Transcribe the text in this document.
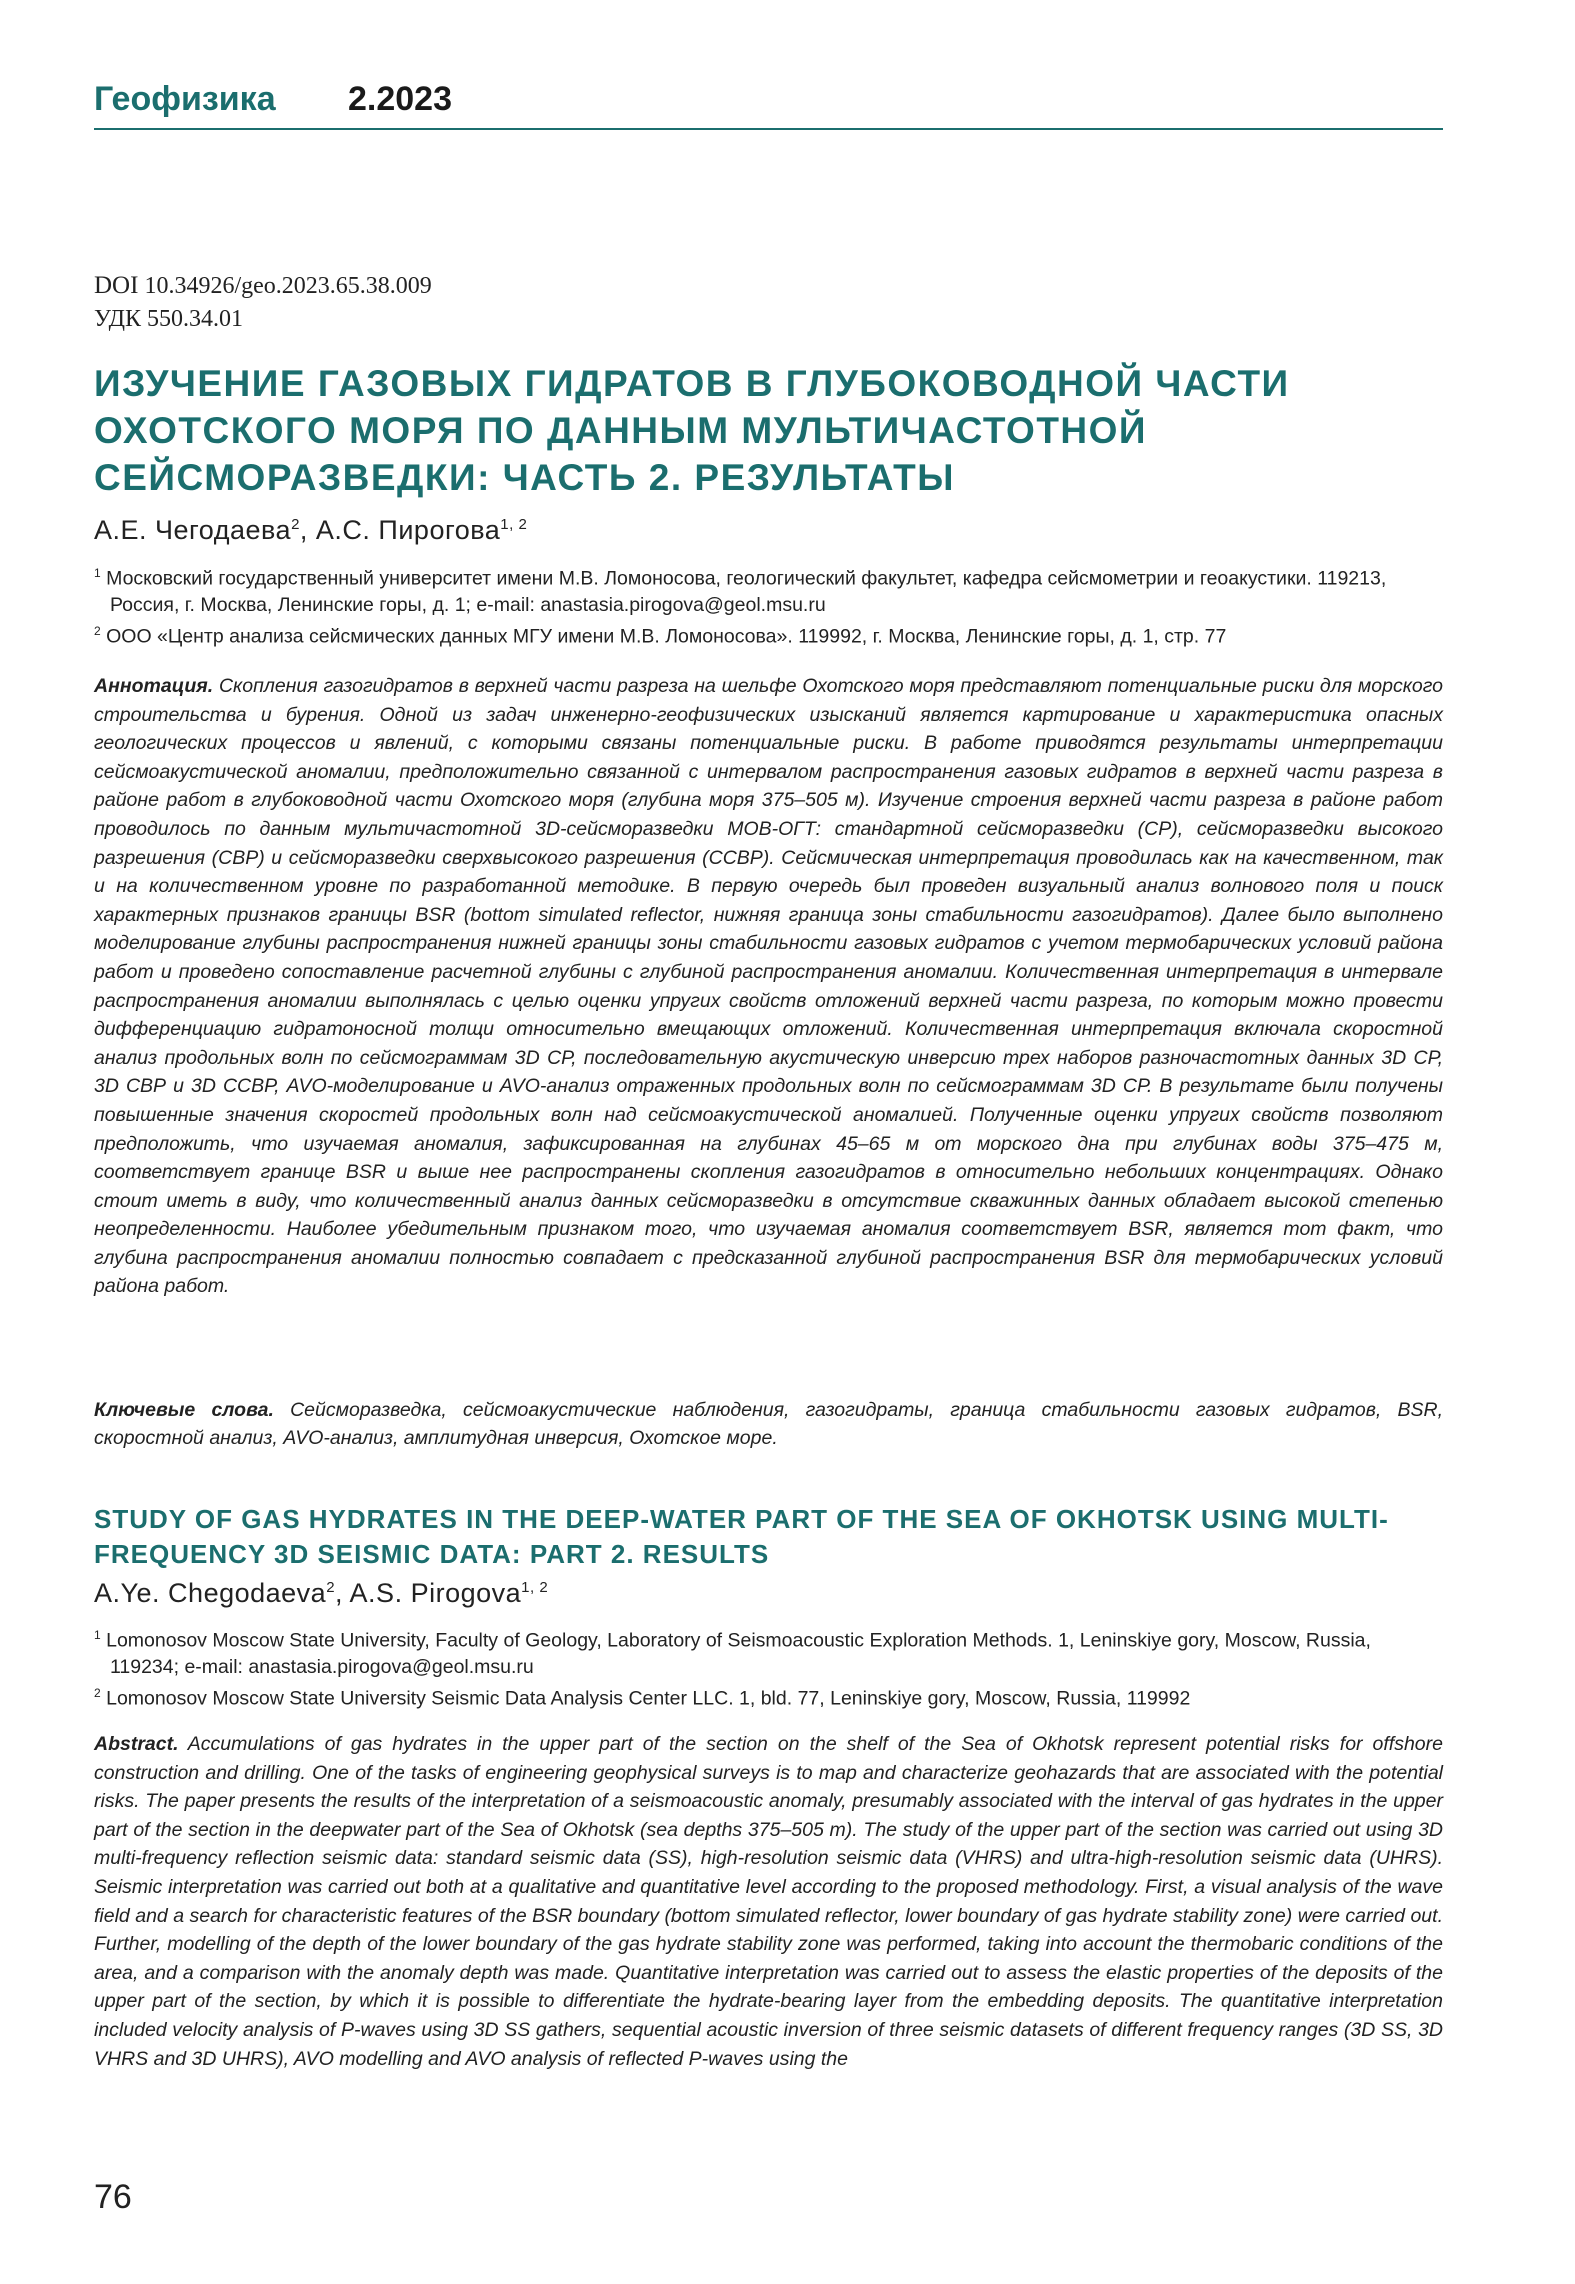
Геофизика 2.2023
DOI 10.34926/geo.2023.65.38.009
УДК 550.34.01
ИЗУЧЕНИЕ ГАЗОВЫХ ГИДРАТОВ В ГЛУБОКОВОДНОЙ ЧАСТИ ОХОТСКОГО МОРЯ ПО ДАННЫМ МУЛЬТИЧАСТОТНОЙ СЕЙСМОРАЗВЕДКИ: ЧАСТЬ 2. РЕЗУЛЬТАТЫ
А.Е. Чегодаева$^2$, А.С. Пирогова$^{1, 2}$

$^1$ Московский государственный университет имени М.В. Ломоносова, геологический факультет, кафедра сейсмометрии и геоакустики. 119213, Россия, г. Москва, Ленинские горы, д. 1; e-mail: anastasia.pirogova@geol.msu.ru

$^2$ ООО «Центр анализа сейсмических данных МГУ имени М.В. Ломоносова». 119992, г. Москва, Ленинские горы, д. 1, стр. 77

Аннотация. Скопления газогидратов в верхней части разреза на шельфе Охотского моря представляют потенциальные риски для морского строительства и бурения. Одной из задач инженерно-геофизических изысканий является картирование и характеристика опасных геологических процессов и явлений, с которыми связаны потенциальные риски. В работе приводятся результаты интерпретации сейсмоакустической аномалии, предположительно связанной с интервалом распространения газовых гидратов в верхней части разреза в районе работ в глубоководной части Охотского моря (глубина моря 375–505 м). Изучение строения верхней части разреза в районе работ проводилось по данным мультичастотной 3D-сейсморазведки МОВ-ОГТ: стандартной сейсморазведки (СР), сейсморазведки высокого разрешения (СВР) и сейсморазведки сверхвысокого разрешения (ССВР). Сейсмическая интерпретация проводилась как на качественном, так и на количественном уровне по разработанной методике. В первую очередь был проведен визуальный анализ волнового поля и поиск характерных признаков границы BSR (bottom simulated reflector, нижняя граница зоны стабильности газогидратов). Далее было выполнено моделирование глубины распространения нижней границы зоны стабильности газовых гидратов с учетом термобарических условий района работ и проведено сопоставление расчетной глубины с глубиной распространения аномалии. Количественная интерпретация в интервале распространения аномалии выполнялась с целью оценки упругих свойств отложений верхней части разреза, по которым можно провести дифференциацию гидратоносной толщи относительно вмещающих отложений. Количественная интерпретация включала скоростной анализ продольных волн по сейсмограммам 3D СР, последовательную акустическую инверсию трех наборов разночастотных данных 3D СР, 3D СВР и 3D ССВР, AVO-моделирование и AVO-анализ отраженных продольных волн по сейсмограммам 3D СР. В результате были получены повышенные значения скоростей продольных волн над сейсмоакустической аномалией. Полученные оценки упругих свойств позволяют предположить, что изучаемая аномалия, зафиксированная на глубинах 45–65 м от морского дна при глубинах воды 375–475 м, соответствует границе BSR и выше нее распространены скопления газогидратов в относительно небольших концентрациях. Однако стоит иметь в виду, что количественный анализ данных сейсморазведки в отсутствие скважинных данных обладает высокой степенью неопределенности. Наиболее убедительным признаком того, что изучаемая аномалия соответствует BSR, является тот факт, что глубина распространения аномалии полностью совпадает с предсказанной глубиной распространения BSR для термобарических условий района работ.

Ключевые слова. Сейсморазведка, сейсмоакустические наблюдения, газогидраты, граница стабильности газовых гидратов, BSR, скоростной анализ, AVO-анализ, амплитудная инверсия, Охотское море.

STUDY OF GAS HYDRATES IN THE DEEP-WATER PART OF THE SEA OF OKHOTSK USING MULTI-FREQUENCY 3D SEISMIC DATA: PART 2. RESULTS
A.Ye. Chegodaeva$^2$, A.S. Pirogova$^{1, 2}$

$^1$ Lomonosov Moscow State University, Faculty of Geology, Laboratory of Seismoacoustic Exploration Methods. 1, Leninskiye gory, Moscow, Russia, 119234; e-mail: anastasia.pirogova@geol.msu.ru

$^2$ Lomonosov Moscow State University Seismic Data Analysis Center LLC. 1, bld. 77, Leninskiye gory, Moscow, Russia, 119992

Abstract. Accumulations of gas hydrates in the upper part of the section on the shelf of the Sea of Okhotsk represent potential risks for offshore construction and drilling. One of the tasks of engineering geophysical surveys is to map and characterize geohazards that are associated with the potential risks. The paper presents the results of the interpretation of a seismoacoustic anomaly, presumably associated with the interval of gas hydrates in the upper part of the section in the deepwater part of the Sea of Okhotsk (sea depths 375–505 m). The study of the upper part of the section was carried out using 3D multi-frequency reflection seismic data: standard seismic data (SS), high-resolution seismic data (VHRS) and ultra-high-resolution seismic data (UHRS). Seismic interpretation was carried out both at a qualitative and quantitative level according to the proposed methodology. First, a visual analysis of the wave field and a search for characteristic features of the BSR boundary (bottom simulated reflector, lower boundary of gas hydrate stability zone) were carried out. Further, modelling of the depth of the lower boundary of the gas hydrate stability zone was performed, taking into account the thermobaric conditions of the area, and a comparison with the anomaly depth was made. Quantitative interpretation was carried out to assess the elastic properties of the deposits of the upper part of the section, by which it is possible to differentiate the hydrate-bearing layer from the embedding deposits. The quantitative interpretation included velocity analysis of P-waves using 3D SS gathers, sequential acoustic inversion of three seismic datasets of different frequency ranges (3D SS, 3D VHRS and 3D UHRS), AVO modelling and AVO analysis of reflected P-waves using the

76
